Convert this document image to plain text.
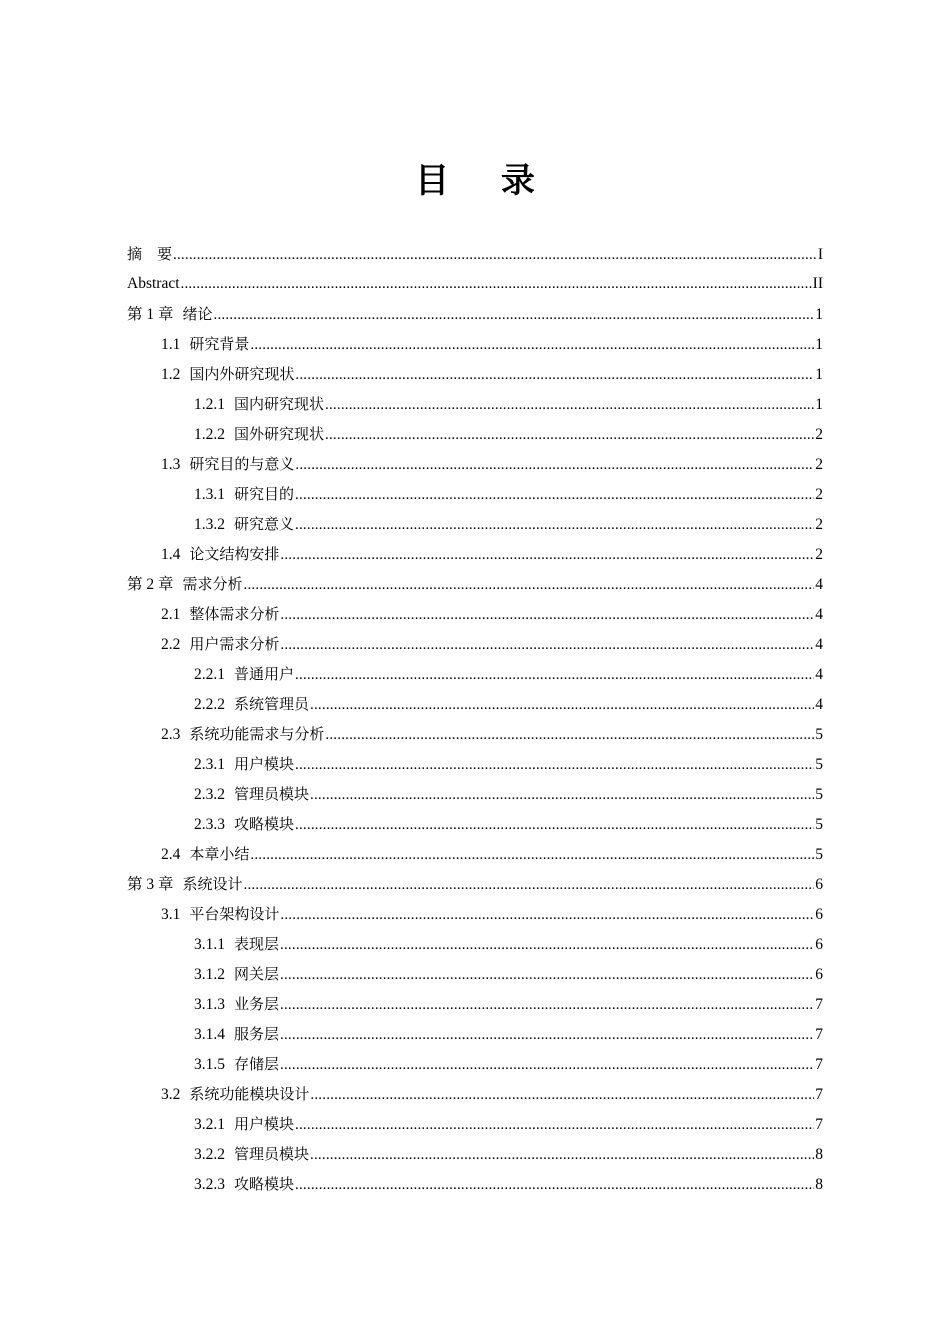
目 录
摘　要 .....	I
Abstract .....	II
第 1 章 绪论 .....	1
1.1 研究背景 .....	1
1.2 国内外研究现状 .....	1
1.2.1 国内研究现状 .....	1
1.2.2 国外研究现状 .....	2
1.3 研究目的与意义 .....	2
1.3.1 研究目的 .....	2
1.3.2 研究意义 .....	2
1.4 论文结构安排 .....	2
第 2 章 需求分析 .....	4
2.1 整体需求分析 .....	4
2.2 用户需求分析 .....	4
2.2.1 普通用户 .....	4
2.2.2 系统管理员 .....	4
2.3 系统功能需求与分析 .....	5
2.3.1 用户模块 .....	5
2.3.2 管理员模块 .....	5
2.3.3 攻略模块 .....	5
2.4 本章小结 .....	5
第 3 章 系统设计 .....	6
3.1 平台架构设计 .....	6
3.1.1 表现层 .....	6
3.1.2 网关层 .....	6
3.1.3 业务层 .....	7
3.1.4 服务层 .....	7
3.1.5 存储层 .....	7
3.2 系统功能模块设计 .....	7
3.2.1 用户模块 .....	7
3.2.2 管理员模块 .....	8
3.2.3 攻略模块 .....	8
